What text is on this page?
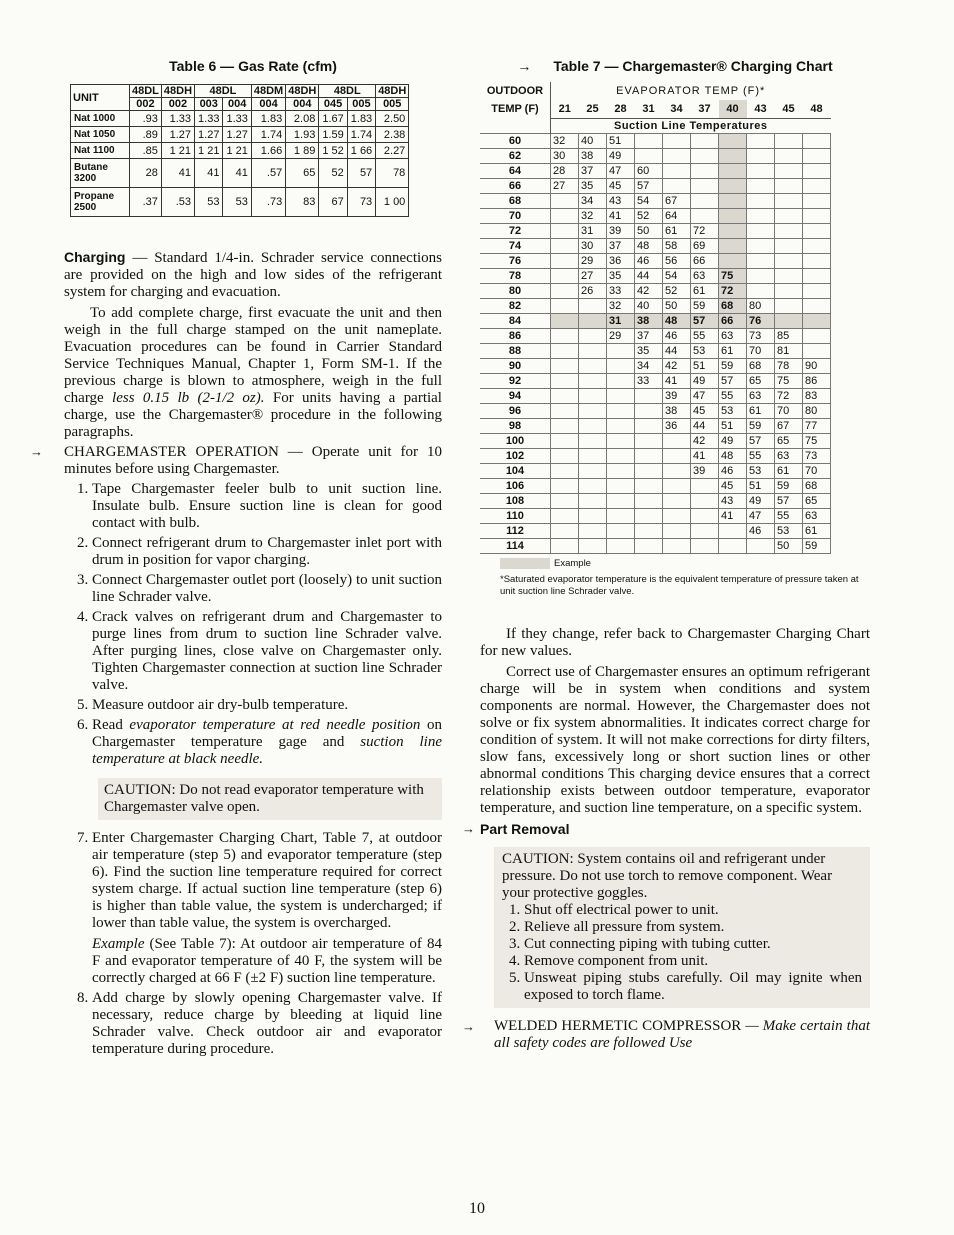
Table 6 — Gas Rate (cfm)
UNIT	48DL	48DH	48DL		48DM	48DH	48DL		48DH
	002	002	003	004	004	004	045	005	005
Nat 1000	.93	1.33	1.33	1.33	1.83	2.08	1.67	1.83	2.50
Nat 1050	.89	1.27	1.27	1.27	1.74	1.93	1.59	1.74	2.38
Nat 1100	.85	1 21	1 21	1 21	1.66	1 89	1 52	1 66	2.27
Butane 3200	28	41	41	41	.57	65	52	57	78
Propane 2500	.37	.53	53	53	.73	83	67	73	1 00

Charging — Standard 1/4-in. Schrader service connections are provided on the high and low sides of the refrigerant system for charging and evacuation.

To add complete charge, first evacuate the unit and then weigh in the full charge stamped on the unit nameplate. Evacuation procedures can be found in Carrier Standard Service Techniques Manual, Chapter 1, Form SM-1. If the previous charge is blown to atmosphere, weigh in the full charge less 0.15 lb (2-1/2 oz). For units having a partial charge, use the Chargemaster® procedure in the following paragraphs.

→ CHARGEMASTER OPERATION — Operate unit for 10 minutes before using Chargemaster.

1. Tape Chargemaster feeler bulb to unit suction line. Insulate bulb. Ensure suction line is clean for good contact with bulb.
2. Connect refrigerant drum to Chargemaster inlet port with drum in position for vapor charging.
3. Connect Chargemaster outlet port (loosely) to unit suction line Schrader valve.
4. Crack valves on refrigerant drum and Chargemaster to purge lines from drum to suction line Schrader valve. After purging lines, close valve on Chargemaster only. Tighten Chargemaster connection at suction line Schrader valve.
5. Measure outdoor air dry-bulb temperature.
6. Read evaporator temperature at red needle position on Chargemaster temperature gage and suction line temperature at black needle.
CAUTION: Do not read evaporator temperature with Chargemaster valve open.
7. Enter Chargemaster Charging Chart, Table 7, at outdoor air temperature (step 5) and evaporator temperature (step 6). Find the suction line temperature required for correct system charge. If actual suction line temperature (step 6) is higher than table value, the system is undercharged; if lower than table value, the system is overcharged.

Example (See Table 7): At outdoor air temperature of 84 F and evaporator temperature of 40 F, the system will be correctly charged at 66 F (±2 F) suction line temperature.

8. Add charge by slowly opening Chargemaster valve. If necessary, reduce charge by bleeding at liquid line Schrader valve. Check outdoor air and evaporator temperature during procedure.
→ Table 7 — Chargemaster® Charging Chart
OUTDOOR TEMP (F)	EVAPORATOR TEMP (F)*									
	21	25	28	31	34	37	40	43	45	48
	Suction Line Temperatures									
60	32	40	51							
62	30	38	49							
64	28	37	47	60						
66	27	35	45	57						
68		34	43	54	67					
70		32	41	52	64					
72		31	39	50	61	72				
74		30	37	48	58	69				
76		29	36	46	56	66				
78		27	35	44	54	63	75			
80		26	33	42	52	61	72			
82			32	40	50	59	68	80		
84			31	38	48	57	66	76		
86			29	37	46	55	63	73	85	
88				35	44	53	61	70	81	
90				34	42	51	59	68	78	90
92				33	41	49	57	65	75	86
94					39	47	55	63	72	83
96					38	45	53	61	70	80
98					36	44	51	59	67	77
100						42	49	57	65	75
102						41	48	55	63	73
104						39	46	53	61	70
106							45	51	59	68
108							43	49	57	65
110							41	47	55	63
112								46	53	61
114									50	59
Example
*Saturated evaporator temperature is the equivalent temperature of pressure taken at unit suction line Schrader valve.

If they change, refer back to Chargemaster Charging Chart for new values.

Correct use of Chargemaster ensures an optimum refrigerant charge will be in system when conditions and system components are normal. However, the Chargemaster does not solve or fix system abnormalities. It indicates correct charge for condition of system. It will not make corrections for dirty filters, slow fans, excessively long or short suction lines or other abnormal conditions This charging device ensures that a correct relationship exists between outdoor temperature, evaporator temperature, and suction line temperature, on a specific system.

→ Part Removal
CAUTION: System contains oil and refrigerant under pressure. Do not use torch to remove component. Wear your protective goggles.
1. Shut off electrical power to unit.
2. Relieve all pressure from system.
3. Cut connecting piping with tubing cutter.
4. Remove component from unit.
5. Unsweat piping stubs carefully. Oil may ignite when exposed to torch flame.
→ WELDED HERMETIC COMPRESSOR — Make certain that all safety codes are followed Use

10
